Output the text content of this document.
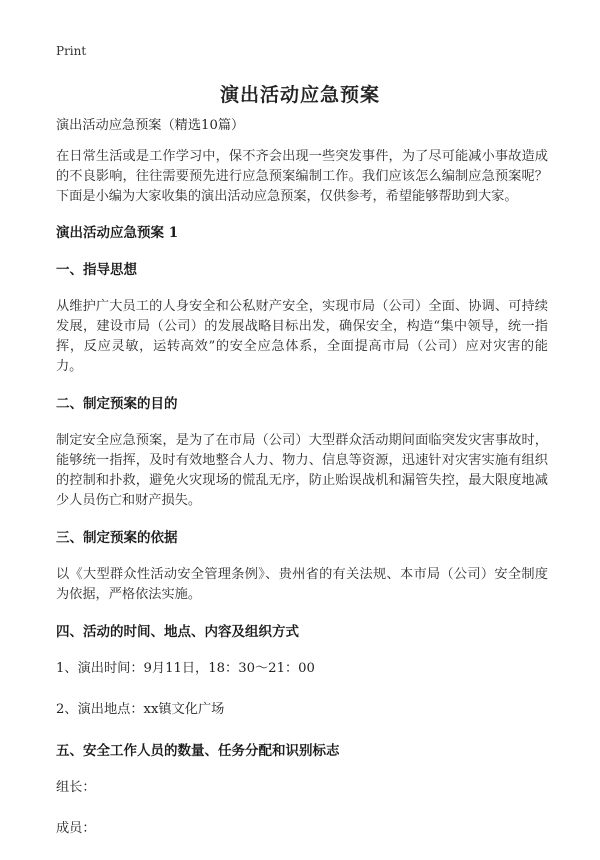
Print
演出活动应急预案

演出活动应急预案（精选10篇）

在日常生活或是工作学习中，保不齐会出现一些突发事件，为了尽可能减小事故造成的不良影响，往往需要预先进行应急预案编制工作。我们应该怎么编制应急预案呢？下面是小编为大家收集的演出活动应急预案，仅供参考，希望能够帮助到大家。

演出活动应急预案 1
一、指导思想

从维护广大员工的人身安全和公私财产安全，实现市局（公司）全面、协调、可持续发展，建设市局（公司）的发展战略目标出发，确保安全，构造“集中领导，统一指挥，反应灵敏，运转高效”的安全应急体系，全面提高市局（公司）应对灾害的能力。

二、制定预案的目的

制定安全应急预案，是为了在市局（公司）大型群众活动期间面临突发灾害事故时，能够统一指挥，及时有效地整合人力、物力、信息等资源，迅速针对灾害实施有组织的控制和扑救，避免火灾现场的慌乱无序，防止贻误战机和漏管失控，最大限度地减少人员伤亡和财产损失。

三、制定预案的依据

以《大型群众性活动安全管理条例》、贵州省的有关法规、本市局（公司）安全制度为依据，严格依法实施。

四、活动的时间、地点、内容及组织方式

1、演出时间：9月11日，18：30～21：00

2、演出地点：xx镇文化广场

五、安全工作人员的数量、任务分配和识别标志

组长：

成员：
